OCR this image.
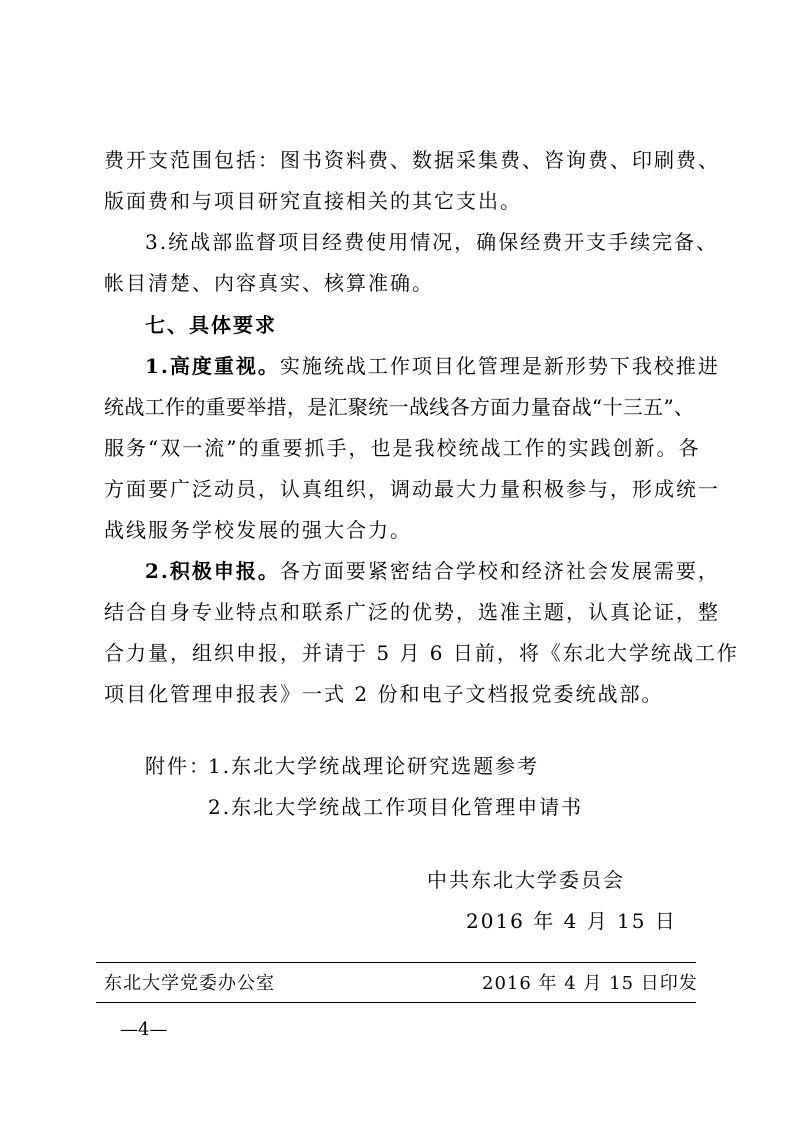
费开支范围包括：图书资料费、数据采集费、咨询费、印刷费、
版面费和与项目研究直接相关的其它支出。
3.统战部监督项目经费使用情况，确保经费开支手续完备、
帐目清楚、内容真实、核算准确。
七、具体要求
1.高度重视。实施统战工作项目化管理是新形势下我校推进
统战工作的重要举措，是汇聚统一战线各方面力量奋战“十三五”、
服务“双一流”的重要抓手，也是我校统战工作的实践创新。各
方面要广泛动员，认真组织，调动最大力量积极参与，形成统一
战线服务学校发展的强大合力。
2.积极申报。各方面要紧密结合学校和经济社会发展需要，
结合自身专业特点和联系广泛的优势，选准主题，认真论证，整
合力量，组织申报，并请于 5 月 6 日前，将《东北大学统战工作
项目化管理申报表》一式 2 份和电子文档报党委统战部。
附件：
1.东北大学统战理论研究选题参考
2.东北大学统战工作项目化管理申请书
中共东北大学委员会
2016 年 4 月 15 日
东北大学党委办公室	2016 年 4 月 15 日印发
—4—
